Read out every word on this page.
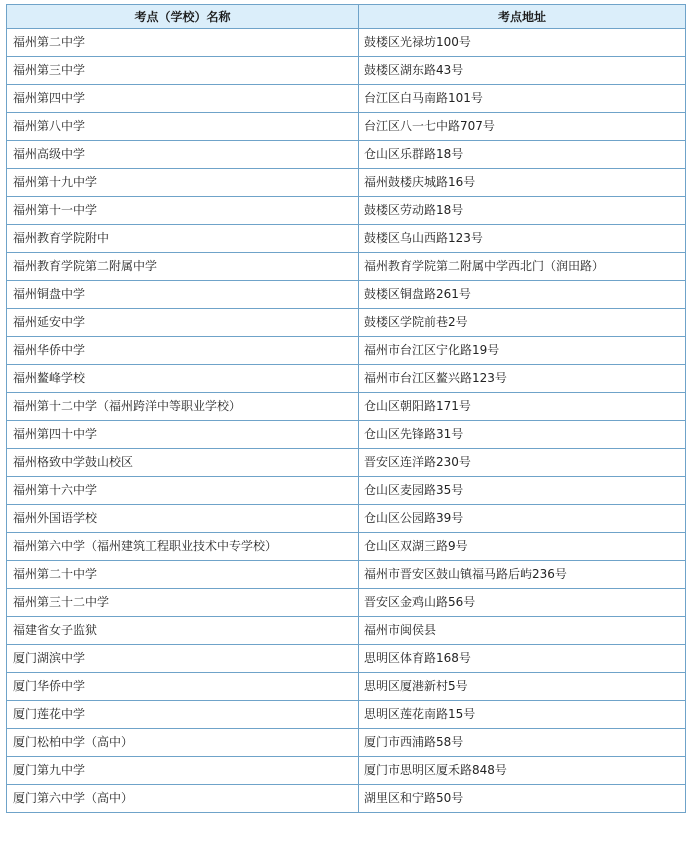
考点（学校）名称	考点地址
福州第二中学	鼓楼区光禄坊100号
福州第三中学	鼓楼区湖东路43号
福州第四中学	台江区白马南路101号
福州第八中学	台江区八一七中路707号
福州高级中学	仓山区乐群路18号
福州第十九中学	福州鼓楼庆城路16号
福州第十一中学	鼓楼区劳动路18号
福州教育学院附中	鼓楼区乌山西路123号
福州教育学院第二附属中学	福州教育学院第二附属中学西北门（润田路）
福州铜盘中学	鼓楼区铜盘路261号
福州延安中学	鼓楼区学院前巷2号
福州华侨中学	福州市台江区宁化路19号
福州鳌峰学校	福州市台江区鳌兴路123号
福州第十二中学（福州跨洋中等职业学校）	仓山区朝阳路171号
福州第四十中学	仓山区先锋路31号
福州格致中学鼓山校区	晋安区连洋路230号
福州第十六中学	仓山区麦园路35号
福州外国语学校	仓山区公园路39号
福州第六中学（福州建筑工程职业技术中专学校）	仓山区双湖三路9号
福州第二十中学	福州市晋安区鼓山镇福马路后屿236号
福州第三十二中学	晋安区金鸡山路56号
福建省女子监狱	福州市闽侯县
厦门湖滨中学	思明区体育路168号
厦门华侨中学	思明区厦港新村5号
厦门莲花中学	思明区莲花南路15号
厦门松柏中学（高中）	厦门市西浦路58号
厦门第九中学	厦门市思明区厦禾路848号
厦门第六中学（高中）	湖里区和宁路50号
